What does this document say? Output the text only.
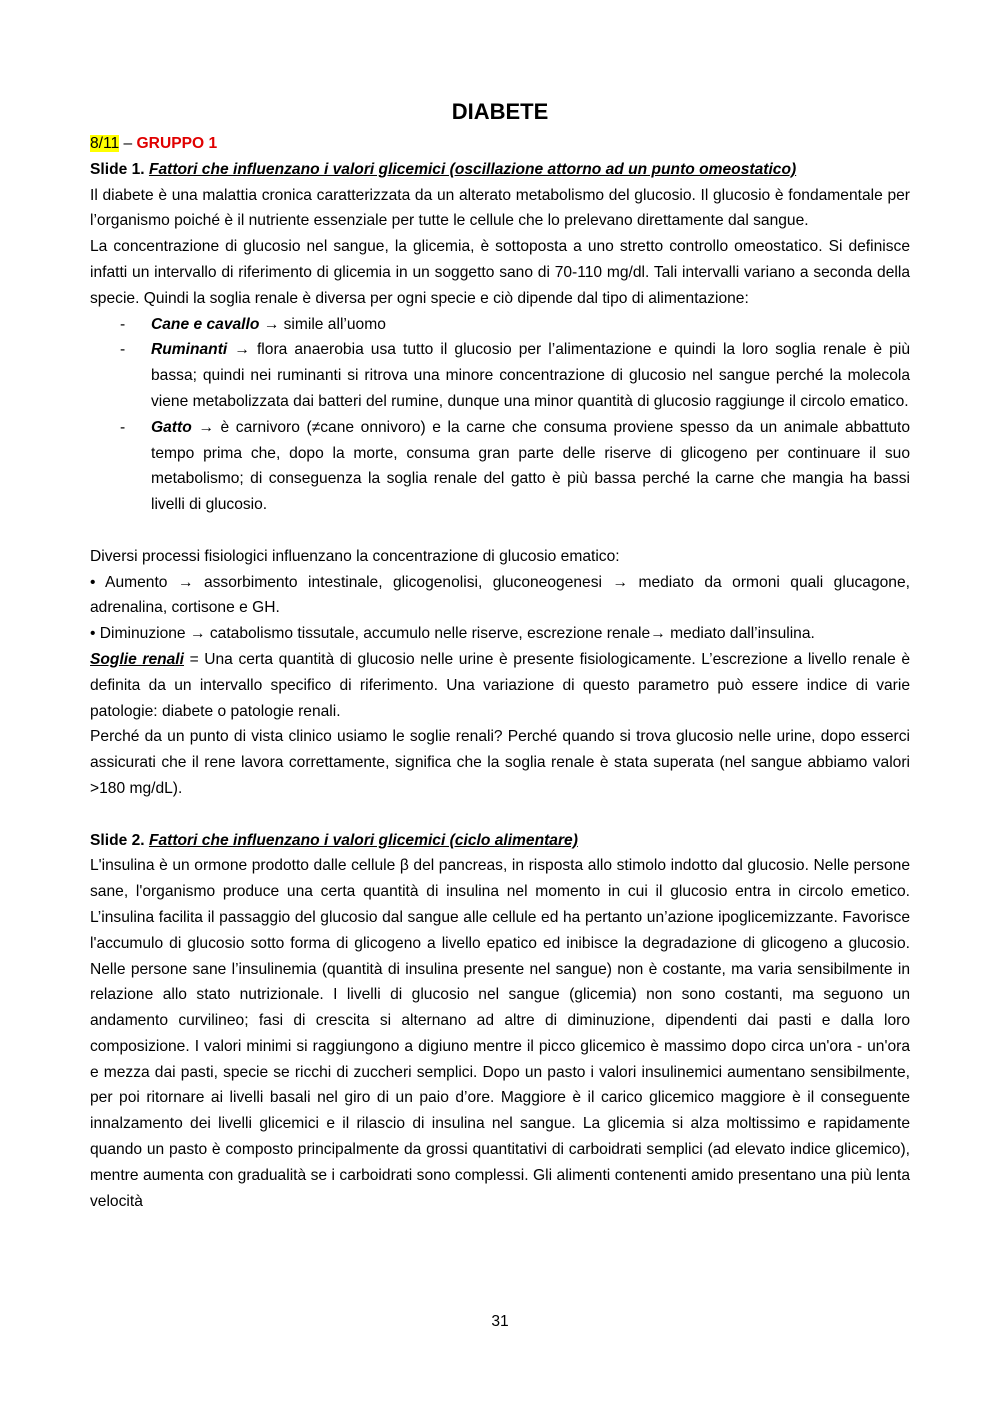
DIABETE

8/11 – GRUPPO 1

Slide 1. Fattori che influenzano i valori glicemici (oscillazione attorno ad un punto omeostatico)

Il diabete è una malattia cronica caratterizzata da un alterato metabolismo del glucosio. Il glucosio è fondamentale per l’organismo poiché è il nutriente essenziale per tutte le cellule che lo prelevano direttamente dal sangue.

La concentrazione di glucosio nel sangue, la glicemia, è sottoposta a uno stretto controllo omeostatico. Si definisce infatti un intervallo di riferimento di glicemia in un soggetto sano di 70-110 mg/dl. Tali intervalli variano a seconda della specie. Quindi la soglia renale è diversa per ogni specie e ciò dipende dal tipo di alimentazione:

- Cane e cavallo → simile all’uomo
- Ruminanti → flora anaerobia usa tutto il glucosio per l’alimentazione e quindi la loro soglia renale è più bassa; quindi nei ruminanti si ritrova una minore concentrazione di glucosio nel sangue perché la molecola viene metabolizzata dai batteri del rumine, dunque una minor quantità di glucosio raggiunge il circolo ematico.
- Gatto → è carnivoro (≠cane onnivoro) e la carne che consuma proviene spesso da un animale abbattuto tempo prima che, dopo la morte, consuma gran parte delle riserve di glicogeno per continuare il suo metabolismo; di conseguenza la soglia renale del gatto è più bassa perché la carne che mangia ha bassi livelli di glucosio.

Diversi processi fisiologici influenzano la concentrazione di glucosio ematico:

• Aumento → assorbimento intestinale, glicogenolisi, gluconeogenesi → mediato da ormoni quali glucagone, adrenalina, cortisone e GH.

• Diminuzione → catabolismo tissutale, accumulo nelle riserve, escrezione renale→ mediato dall’insulina.

Soglie renali = Una certa quantità di glucosio nelle urine è presente fisiologicamente. L’escrezione a livello renale è definita da un intervallo specifico di riferimento. Una variazione di questo parametro può essere indice di varie patologie: diabete o patologie renali.

Perché da un punto di vista clinico usiamo le soglie renali? Perché quando si trova glucosio nelle urine, dopo esserci assicurati che il rene lavora correttamente, significa che la soglia renale è stata superata (nel sangue abbiamo valori >180 mg/dL).

Slide 2. Fattori che influenzano i valori glicemici (ciclo alimentare)

L'insulina è un ormone prodotto dalle cellule β del pancreas, in risposta allo stimolo indotto dal glucosio. Nelle persone sane, l'organismo produce una certa quantità di insulina nel momento in cui il glucosio entra in circolo emetico. L’insulina facilita il passaggio del glucosio dal sangue alle cellule ed ha pertanto un’azione ipoglicemizzante. Favorisce l'accumulo di glucosio sotto forma di glicogeno a livello epatico ed inibisce la degradazione di glicogeno a glucosio. Nelle persone sane l’insulinemia (quantità di insulina presente nel sangue) non è costante, ma varia sensibilmente in relazione allo stato nutrizionale. I livelli di glucosio nel sangue (glicemia) non sono costanti, ma seguono un andamento curvilineo; fasi di crescita si alternano ad altre di diminuzione, dipendenti dai pasti e dalla loro composizione. I valori minimi si raggiungono a digiuno mentre il picco glicemico è massimo dopo circa un'ora - un'ora e mezza dai pasti, specie se ricchi di zuccheri semplici. Dopo un pasto i valori insulinemici aumentano sensibilmente, per poi ritornare ai livelli basali nel giro di un paio d’ore. Maggiore è il carico glicemico maggiore è il conseguente innalzamento dei livelli glicemici e il rilascio di insulina nel sangue. La glicemia si alza moltissimo e rapidamente quando un pasto è composto principalmente da grossi quantitativi di carboidrati semplici (ad elevato indice glicemico), mentre aumenta con gradualità se i carboidrati sono complessi. Gli alimenti contenenti amido presentano una più lenta velocità

31
